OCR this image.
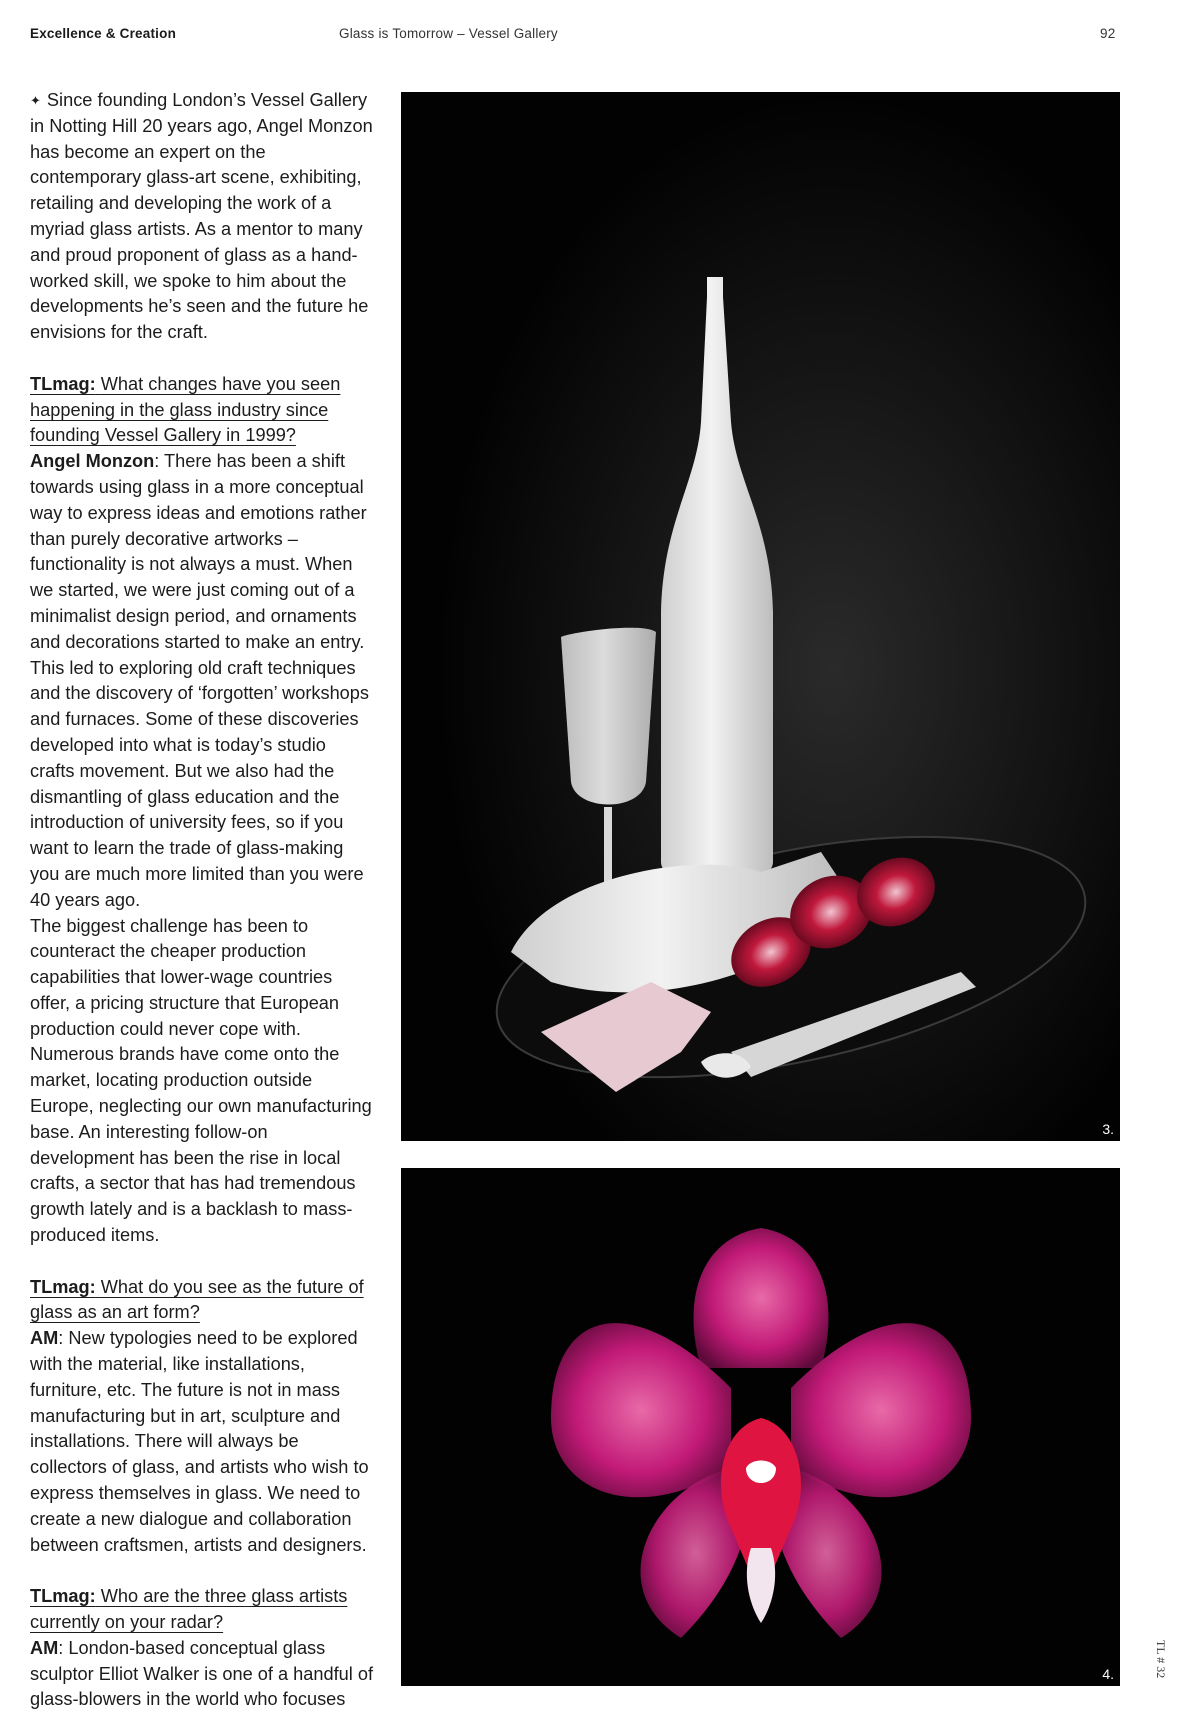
Excellence & Creation	Glass is Tomorrow – Vessel Gallery	92

✦ Since founding London’s Vessel Gallery in Notting Hill 20 years ago, Angel Monzon has become an expert on the contemporary glass-art scene, exhibiting, retailing and developing the work of a myriad glass artists. As a mentor to many and proud proponent of glass as a hand-worked skill, we spoke to him about the developments he’s seen and the future he envisions for the craft.

TLmag: What changes have you seen happening in the glass industry since founding Vessel Gallery in 1999?

Angel Monzon: There has been a shift towards using glass in a more conceptual way to express ideas and emotions rather than purely decorative artworks – functionality is not always a must. When we started, we were just coming out of a minimalist design period, and ornaments and decorations started to make an entry. This led to exploring old craft techniques and the discovery of ‘forgotten’ workshops and furnaces. Some of these discoveries developed into what is today’s studio crafts movement. But we also had the dismantling of glass education and the introduction of university fees, so if you want to learn the trade of glass-making you are much more limited than you were 40 years ago.

The biggest challenge has been to counteract the cheaper production capabilities that lower-wage countries offer, a pricing structure that European production could never cope with. Numerous brands have come onto the market, locating production outside Europe, neglecting our own manufacturing base. An interesting follow-on development has been the rise in local crafts, a sector that has had tremendous growth lately and is a backlash to mass-produced items.

TLmag: What do you see as the future of glass as an art form?

AM: New typologies need to be explored with the material, like installations, furniture, etc. The future is not in mass manufacturing but in art, sculpture and installations. There will always be collectors of glass, and artists who wish to express themselves in glass. We need to create a new dialogue and collaboration between craftsmen, artists and designers.

TLmag: Who are the three glass artists currently on your radar?

AM: London-based conceptual glass sculptor Elliot Walker is one of a handful of glass-blowers in the world who focuses

3.
4.	TL # 32
